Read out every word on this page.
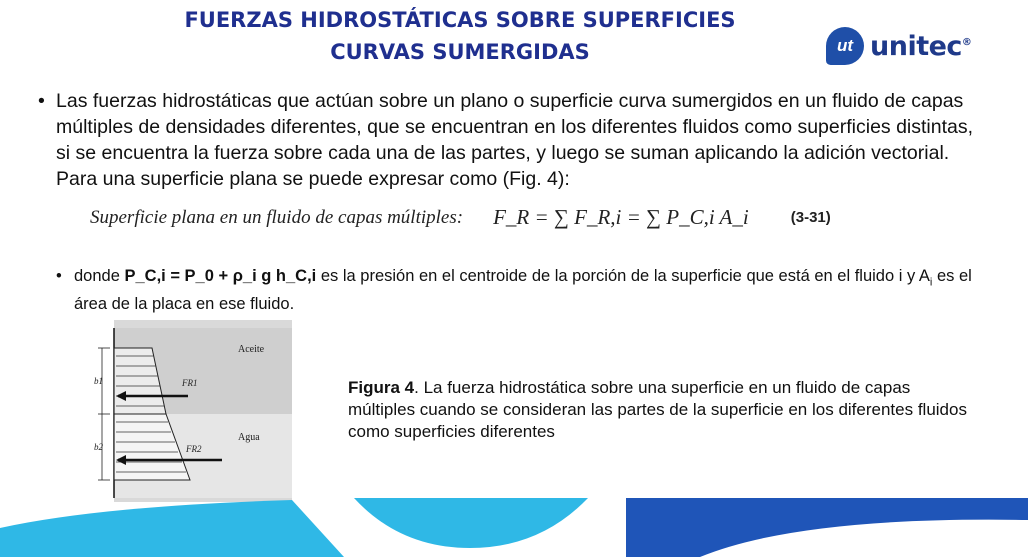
FUERZAS HIDROSTÁTICAS SOBRE SUPERFICIES
CURVAS SUMERGIDAS	ut unitec®
• Las fuerzas hidrostáticas que actúan sobre un plano o superficie curva sumergidos en un fluido de capas múltiples de densidades diferentes, que se encuentran en los diferentes fluidos como superficies distintas, si se encuentra la fuerza sobre cada una de las partes, y luego se suman aplicando la adición vectorial. Para una superficie plana se puede expresar como (Fig. 4):
Superficie plana en un fluido de capas múltiples: F_R = ∑ F_R,i = ∑ P_C,i A_i	(3-31)
• donde P_C,i = P_0 + ρ_i g h_C,i es la presión en el centroide de la porción de la superficie que está en el fluido i y $A_i$ es el área de la placa en ese fluido.
Aceite
Agua
b1
b2
FR1
FR2
Figura 4. La fuerza hidrostática sobre una superficie en un fluido de capas múltiples cuando se consideran las partes de la superficie en los diferentes fluidos como superficies diferentes
